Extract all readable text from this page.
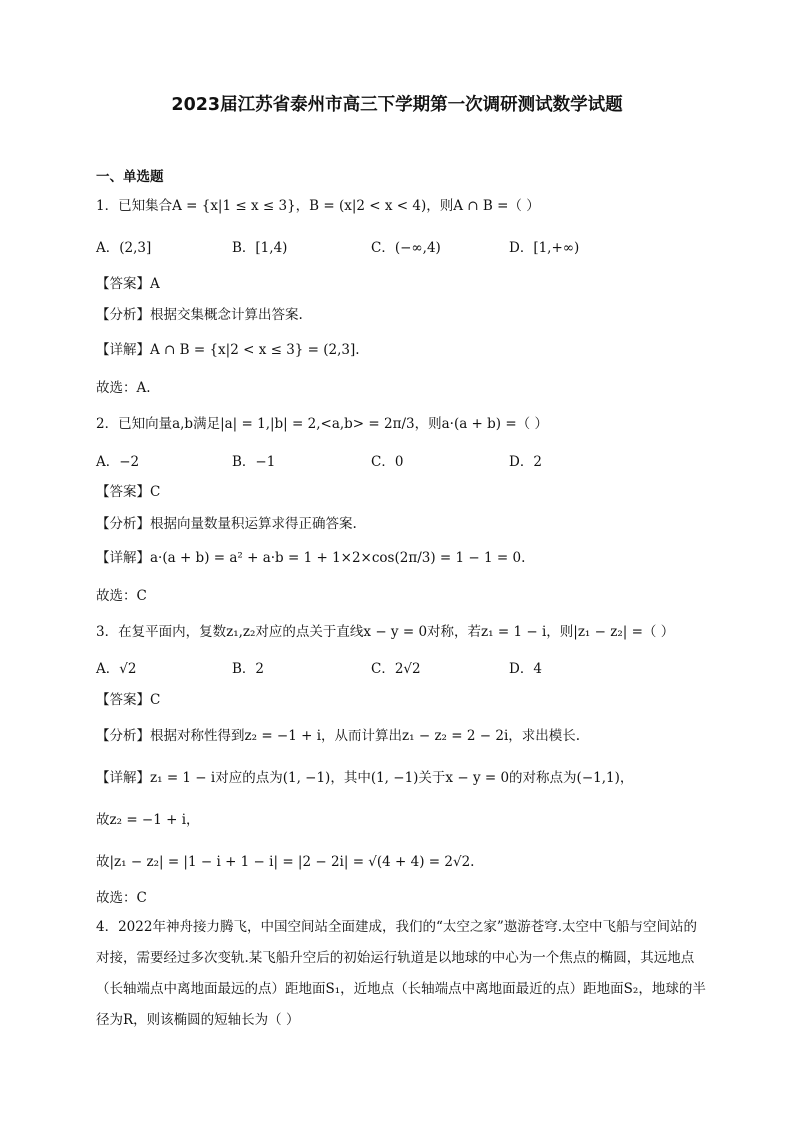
2023届江苏省泰州市高三下学期第一次调研测试数学试题
一、单选题
1．已知集合A = {x|1 ≤ x ≤ 3}，B = (x|2 < x < 4)，则A ∩ B =（ ）
A．(2,3]	B．[1,4)	C．(−∞,4)	D．[1,+∞)
【答案】A
【分析】根据交集概念计算出答案.
【详解】A ∩ B = {x|2 < x ≤ 3} = (2,3].
故选：A.
2．已知向量a,b满足|a| = 1,|b| = 2,<a,b> = 2π/3，则a·(a + b) =（ ）
A．−2	B．−1	C．0	D．2
【答案】C
【分析】根据向量数量积运算求得正确答案.
【详解】a·(a + b) = a² + a·b = 1 + 1×2×cos(2π/3) = 1 − 1 = 0.
故选：C
3．在复平面内，复数z₁,z₂对应的点关于直线x − y = 0对称，若z₁ = 1 − i，则|z₁ − z₂| =（ ）
A．√2	B．2	C．2√2	D．4
【答案】C
【分析】根据对称性得到z₂ = −1 + i，从而计算出z₁ − z₂ = 2 − 2i，求出模长.
【详解】z₁ = 1 − i对应的点为(1, −1)，其中(1, −1)关于x − y = 0的对称点为(−1,1)，
故z₂ = −1 + i，
故|z₁ − z₂| = |1 − i + 1 − i| = |2 − 2i| = √(4 + 4) = 2√2.
故选：C
4．2022年神舟接力腾飞，中国空间站全面建成，我们的“太空之家”遨游苍穹.太空中飞船与空间站的对接，需要经过多次变轨.某飞船升空后的初始运行轨道是以地球的中心为一个焦点的椭圆，其远地点（长轴端点中离地面最远的点）距地面S₁，近地点（长轴端点中离地面最近的点）距地面S₂，地球的半径为R，则该椭圆的短轴长为（ ）
